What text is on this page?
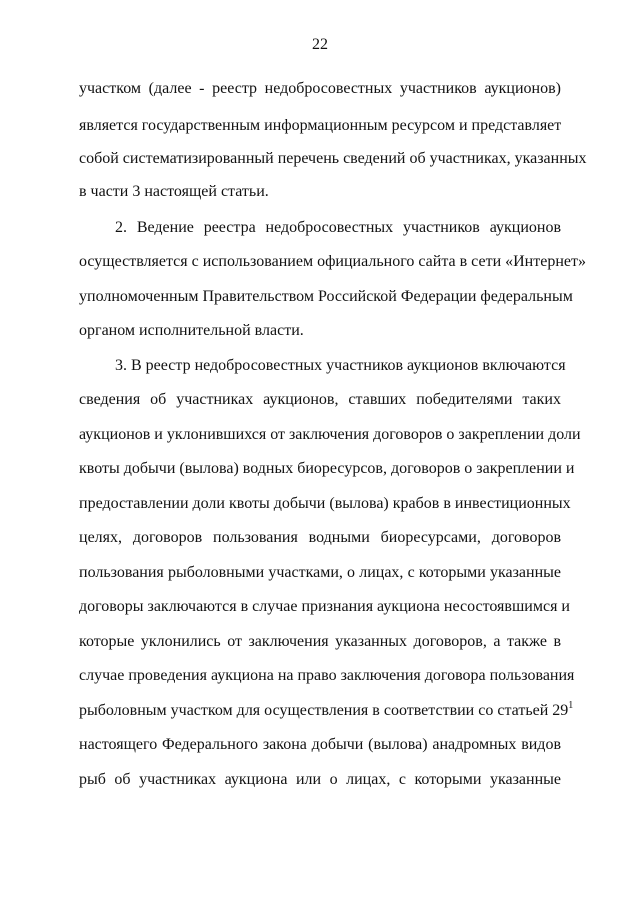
22
участком (далее - реестр недобросовестных участников аукционов)
является государственным информационным ресурсом и представляет
собой систематизированный перечень сведений об участниках, указанных
в части 3 настоящей статьи.
2. Ведение реестра недобросовестных участников аукционов
осуществляется с использованием официального сайта в сети «Интернет»
уполномоченным Правительством Российской Федерации федеральным
органом исполнительной власти.
3. В реестр недобросовестных участников аукционов включаются
сведения об участниках аукционов, ставших победителями таких
аукционов и уклонившихся от заключения договоров о закреплении доли
квоты добычи (вылова) водных биоресурсов, договоров о закреплении и
предоставлении доли квоты добычи (вылова) крабов в инвестиционных
целях, договоров пользования водными биоресурсами, договоров
пользования рыболовными участками, о лицах, с которыми указанные
договоры заключаются в случае признания аукциона несостоявшимся и
которые уклонились от заключения указанных договоров, а также в
случае проведения аукциона на право заключения договора пользования
рыболовным участком для осуществления в соответствии со статьей $29^1$
настоящего Федерального закона добычи (вылова) анадромных видов
рыб об участниках аукциона или о лицах, с которыми указанные
